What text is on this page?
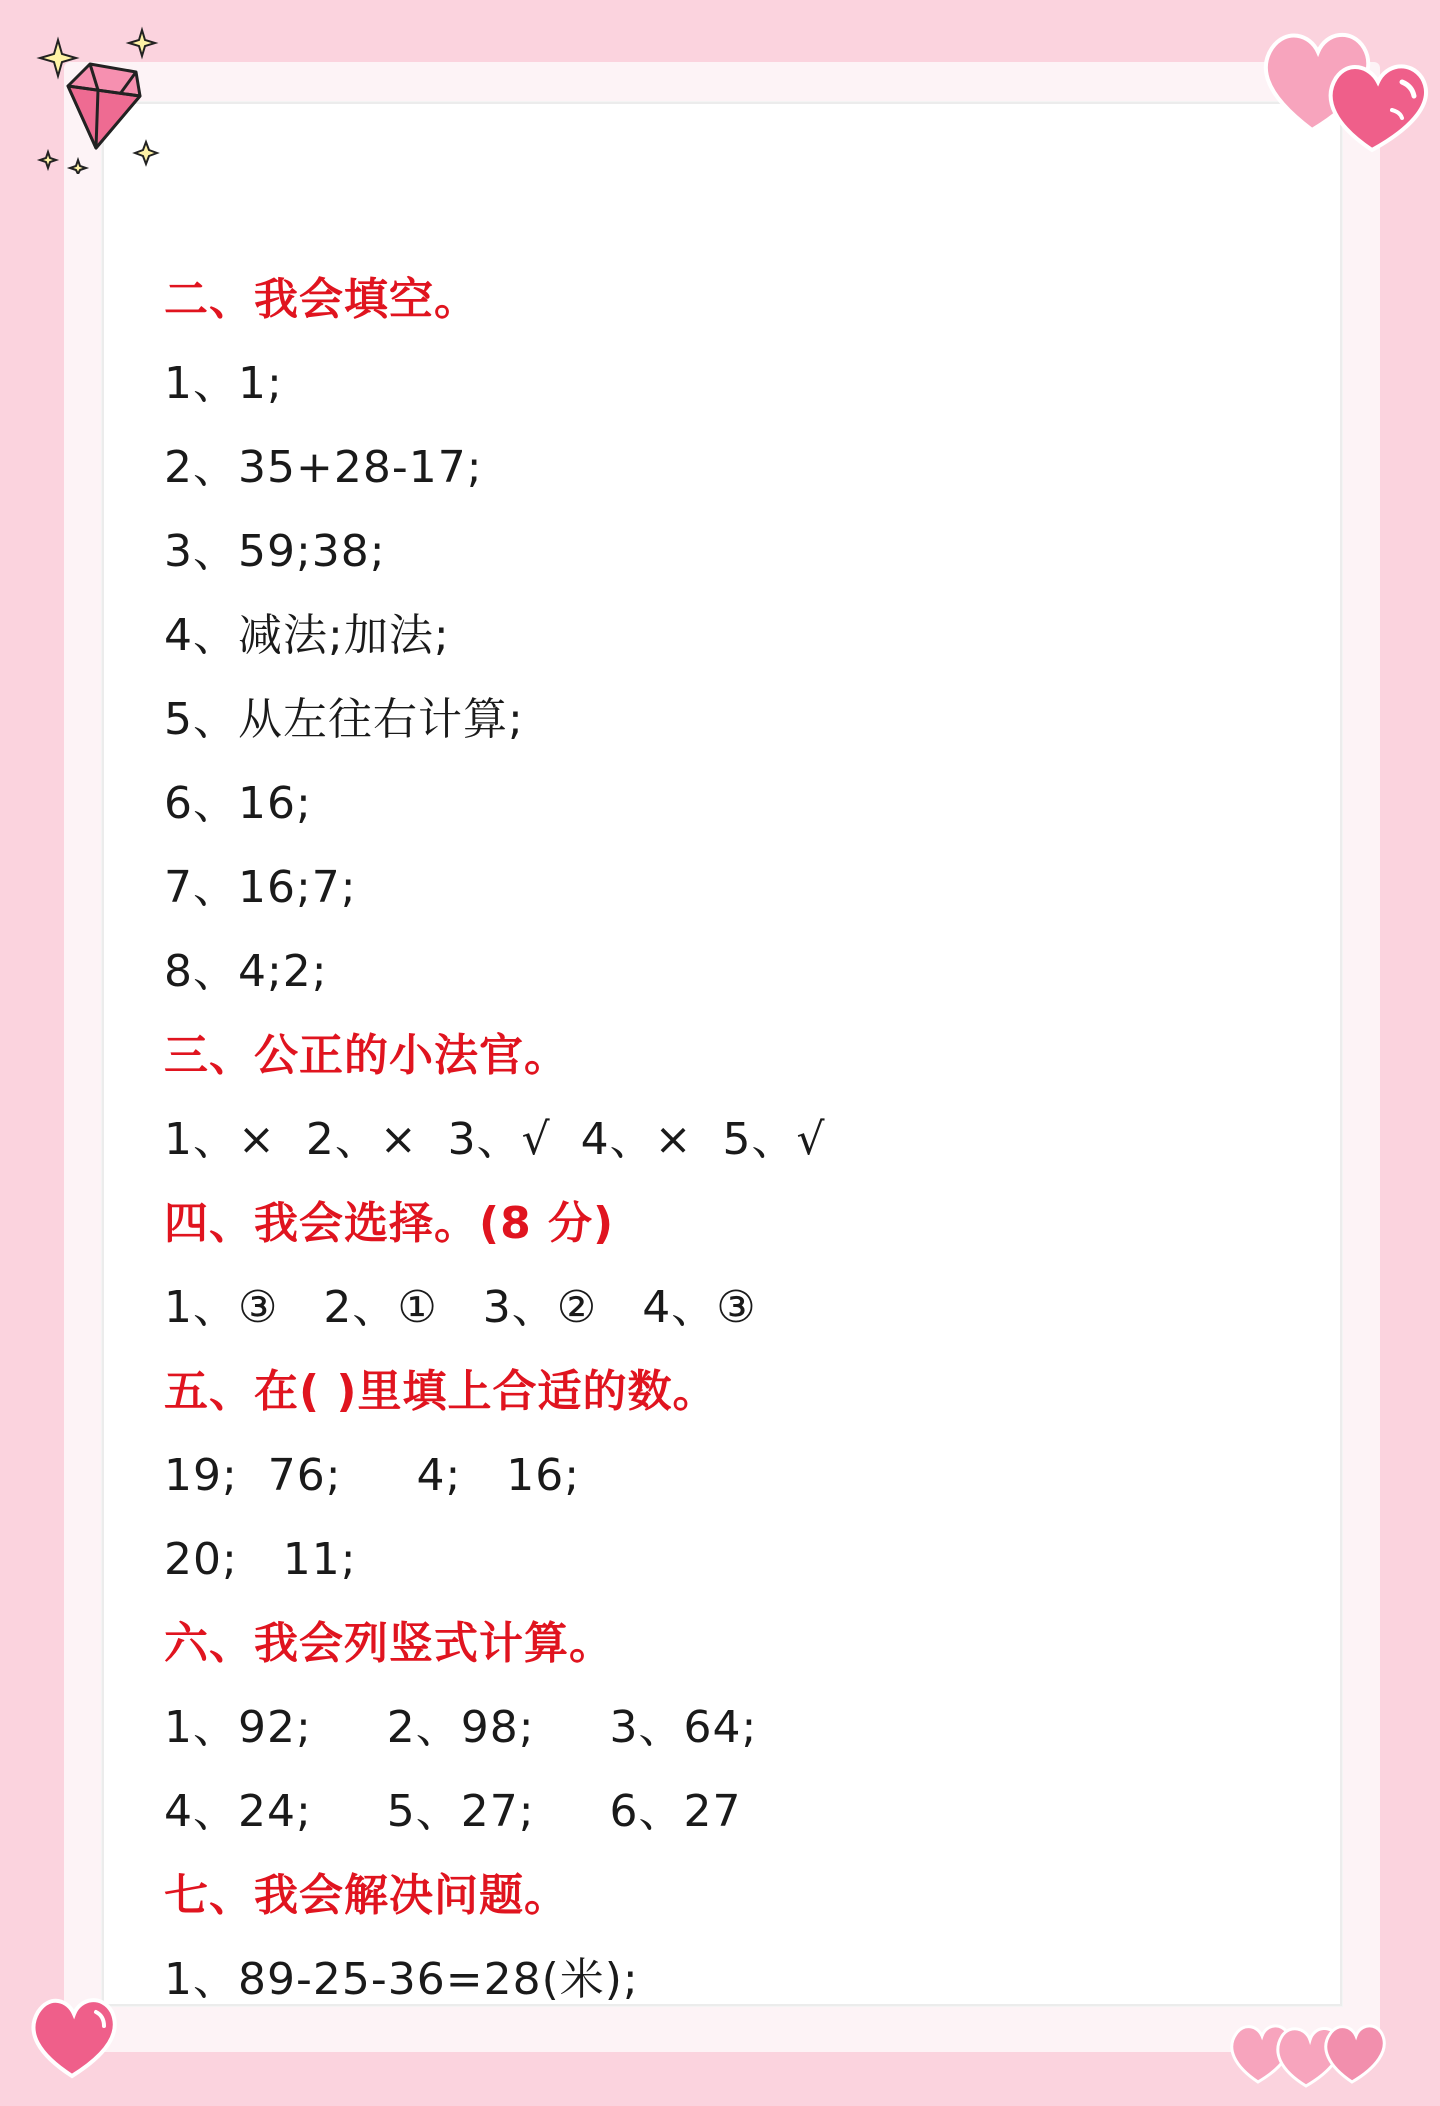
二、我会填空。
1、1;
2、35+28-17;
3、59;38;
4、减法;加法;
5、从左往右计算;
6、16;
7、16;7;
8、4;2;
三、公正的小法官。
1、×  2、×  3、√  4、×  5、√
四、我会选择。(8 分)
1、③   2、①   3、②   4、③
五、在( )里填上合适的数。
19;  76;     4;   16;
20;   11;
六、我会列竖式计算。
1、92;     2、98;     3、64;
4、24;     5、27;     6、27
七、我会解决问题。
1、89-25-36=28(米);
